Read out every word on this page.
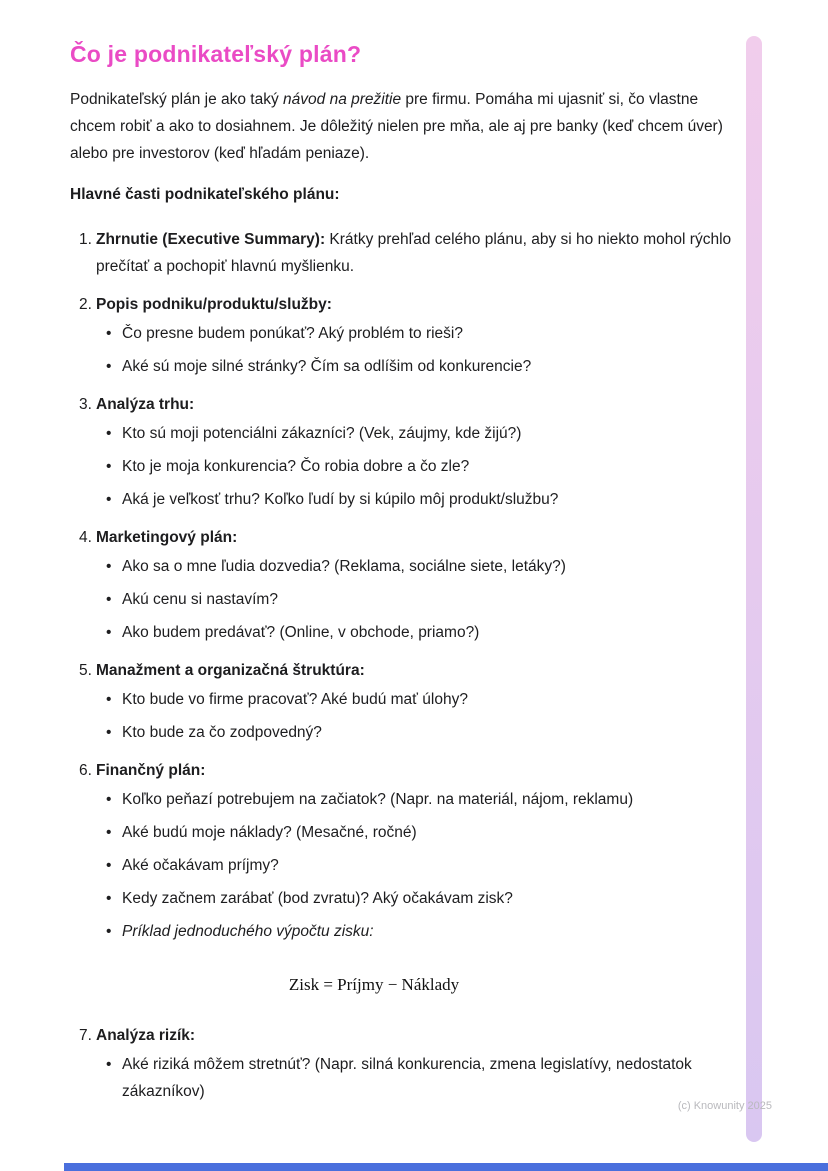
Čo je podnikateľský plán?

Podnikateľský plán je ako taký návod na prežitie pre firmu. Pomáha mi ujasniť si, čo vlastne chcem robiť a ako to dosiahnem. Je dôležitý nielen pre mňa, ale aj pre banky (keď chcem úver) alebo pre investorov (keď hľadám peniaze).

Hlavné časti podnikateľského plánu:

1. Zhrnutie (Executive Summary): Krátky prehľad celého plánu, aby si ho niekto mohol rýchlo prečítať a pochopiť hlavnú myšlienku.

2. Popis podniku/produktu/služby:

• Čo presne budem ponúkať? Aký problém to rieši?
• Aké sú moje silné stránky? Čím sa odlíšim od konkurencie?
3. Analýza trhu:

• Kto sú moji potenciálni zákazníci? (Vek, záujmy, kde žijú?)
• Kto je moja konkurencia? Čo robia dobre a čo zle?
• Aká je veľkosť trhu? Koľko ľudí by si kúpilo môj produkt/službu?
4. Marketingový plán:

• Ako sa o mne ľudia dozvedia? (Reklama, sociálne siete, letáky?)
• Akú cenu si nastavím?
• Ako budem predávať? (Online, v obchode, priamo?)
5. Manažment a organizačná štruktúra:

• Kto bude vo firme pracovať? Aké budú mať úlohy?
• Kto bude za čo zodpovedný?
6. Finančný plán:

• Koľko peňazí potrebujem na začiatok? (Napr. na materiál, nájom, reklamu)
• Aké budú moje náklady? (Mesačné, ročné)
• Aké očakávam príjmy?
• Kedy začnem zarábať (bod zvratu)? Aký očakávam zisk?
• Príklad jednoduchého výpočtu zisku:
Zisk = Príjmy − Náklady
7. Analýza rizík:

• Aké riziká môžem stretnúť? (Napr. silná konkurencia, zmena legislatívy, nedostatok zákazníkov)
(c) Knowunity 2025
